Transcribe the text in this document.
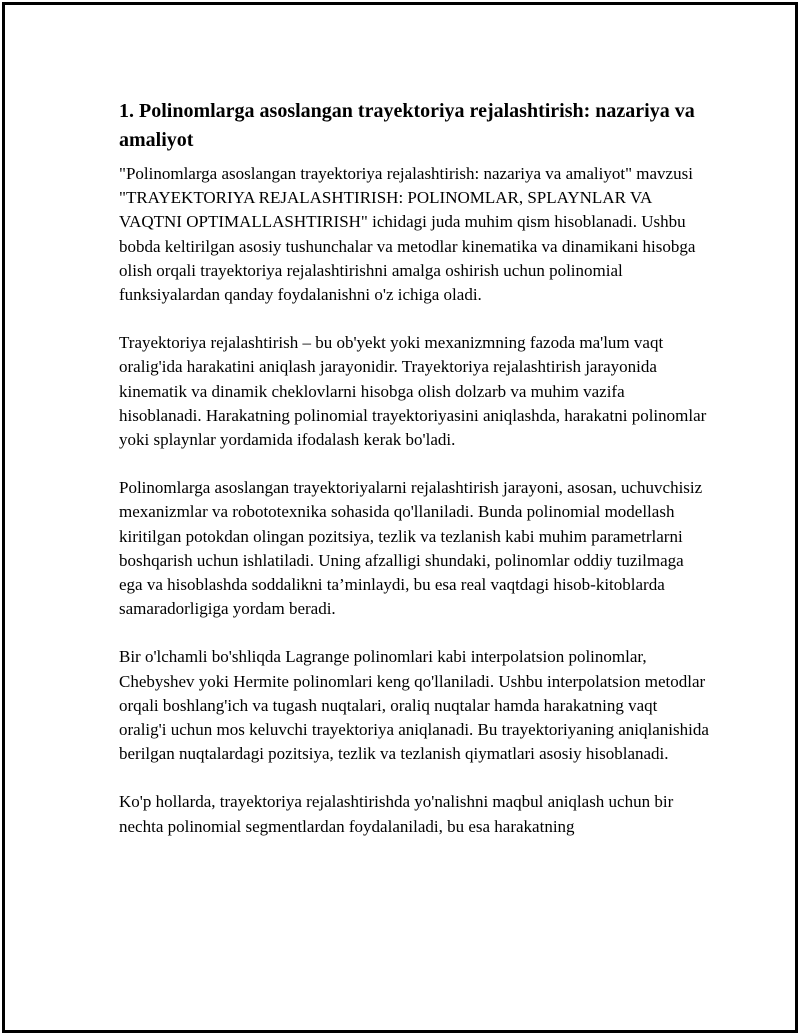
1. Polinomlarga asoslangan trayektoriya rejalashtirish: nazariya va amaliyot

"Polinomlarga asoslangan trayektoriya rejalashtirish: nazariya va amaliyot" mavzusi "TRAYEKTORIYA REJALASHTIRISH: POLINOMLAR, SPLAYNLAR VA VAQTNI OPTIMALLASHTIRISH" ichidagi juda muhim qism hisoblanadi. Ushbu bobda keltirilgan asosiy tushunchalar va metodlar kinematika va dinamikani hisobga olish orqali trayektoriya rejalashtirishni amalga oshirish uchun polinomial funksiyalardan qanday foydalanishni o'z ichiga oladi.

Trayektoriya rejalashtirish – bu ob'yekt yoki mexanizmning fazoda ma'lum vaqt oralig'ida harakatini aniqlash jarayonidir. Trayektoriya rejalashtirish jarayonida kinematik va dinamik cheklovlarni hisobga olish dolzarb va muhim vazifa hisoblanadi. Harakatning polinomial trayektoriyasini aniqlashda, harakatni polinomlar yoki splaynlar yordamida ifodalash kerak bo'ladi.

Polinomlarga asoslangan trayektoriyalarni rejalashtirish jarayoni, asosan, uchuvchisiz mexanizmlar va robototexnika sohasida qo'llaniladi. Bunda polinomial modellash kiritilgan potokdan olingan pozitsiya, tezlik va tezlanish kabi muhim parametrlarni boshqarish uchun ishlatiladi. Uning afzalligi shundaki, polinomlar oddiy tuzilmaga ega va hisoblashda soddalikni ta’minlaydi, bu esa real vaqtdagi hisob-kitoblarda samaradorligiga yordam beradi.

Bir o'lchamli bo'shliqda Lagrange polinomlari kabi interpolatsion polinomlar, Chebyshev yoki Hermite polinomlari keng qo'llaniladi. Ushbu interpolatsion metodlar orqali boshlang'ich va tugash nuqtalari, oraliq nuqtalar hamda harakatning vaqt oralig'i uchun mos keluvchi trayektoriya aniqlanadi. Bu trayektoriyaning aniqlanishida berilgan nuqtalardagi pozitsiya, tezlik va tezlanish qiymatlari asosiy hisoblanadi.

Ko'p hollarda, trayektoriya rejalashtirishda yo'nalishni maqbul aniqlash uchun bir nechta polinomial segmentlardan foydalaniladi, bu esa harakatning
